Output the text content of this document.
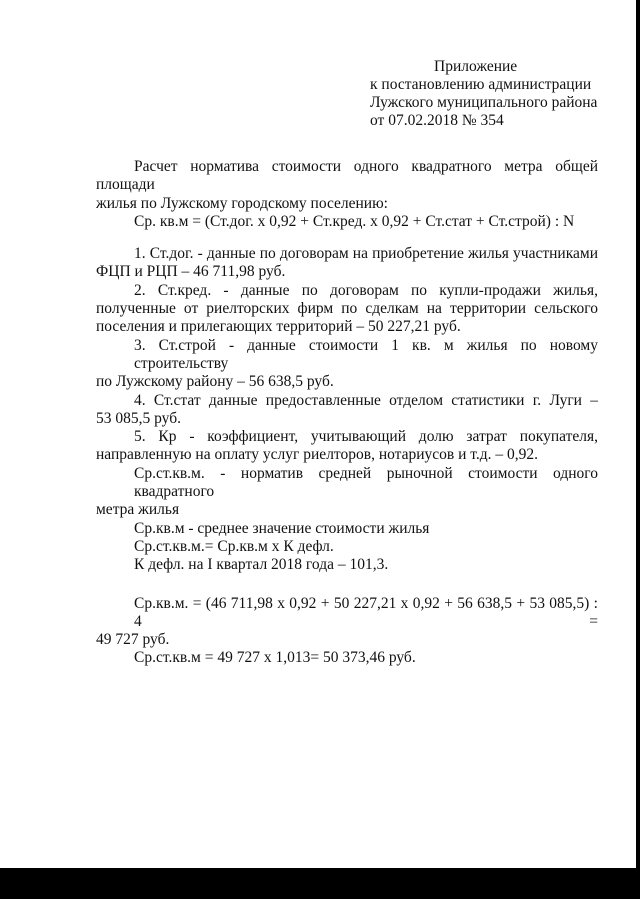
Приложение
к постановлению администрации
Лужского муниципального района
от 07.02.2018 № 354
Расчет норматива стоимости одного квадратного метра общей площади
жилья по Лужскому городскому поселению:
Ср. кв.м = (Ст.дог. х 0,92 + Ст.кред. х 0,92 + Ст.стат + Ст.строй) : N
1. Ст.дог. - данные по договорам на приобретение жилья участниками
ФЦП и РЦП – 46 711,98 руб.
2. Ст.кред. - данные по договорам по купли-продажи жилья,
полученные от риелторских фирм по сделкам на территории сельского
поселения и прилегающих территорий – 50 227,21 руб.
3. Ст.строй - данные стоимости 1 кв. м жилья по новому строительству
по Лужскому району – 56 638,5 руб.
4. Ст.стат данные предоставленные отделом статистики г. Луги –
53 085,5 руб.
5. Кр - коэффициент, учитывающий долю затрат покупателя,
направленную на оплату услуг риелторов, нотариусов и т.д. – 0,92.
Ср.ст.кв.м. - норматив средней рыночной стоимости одного квадратного
метра жилья
Ср.кв.м - среднее значение стоимости жилья
Ср.ст.кв.м.= Ср.кв.м х К дефл.
К дефл. на I квартал 2018 года – 101,3.
Ср.кв.м. = (46 711,98 х 0,92 + 50 227,21 х 0,92 + 56 638,5 + 53 085,5) : 4 =
49 727 руб.
Ср.ст.кв.м = 49 727 х 1,013= 50 373,46 руб.
